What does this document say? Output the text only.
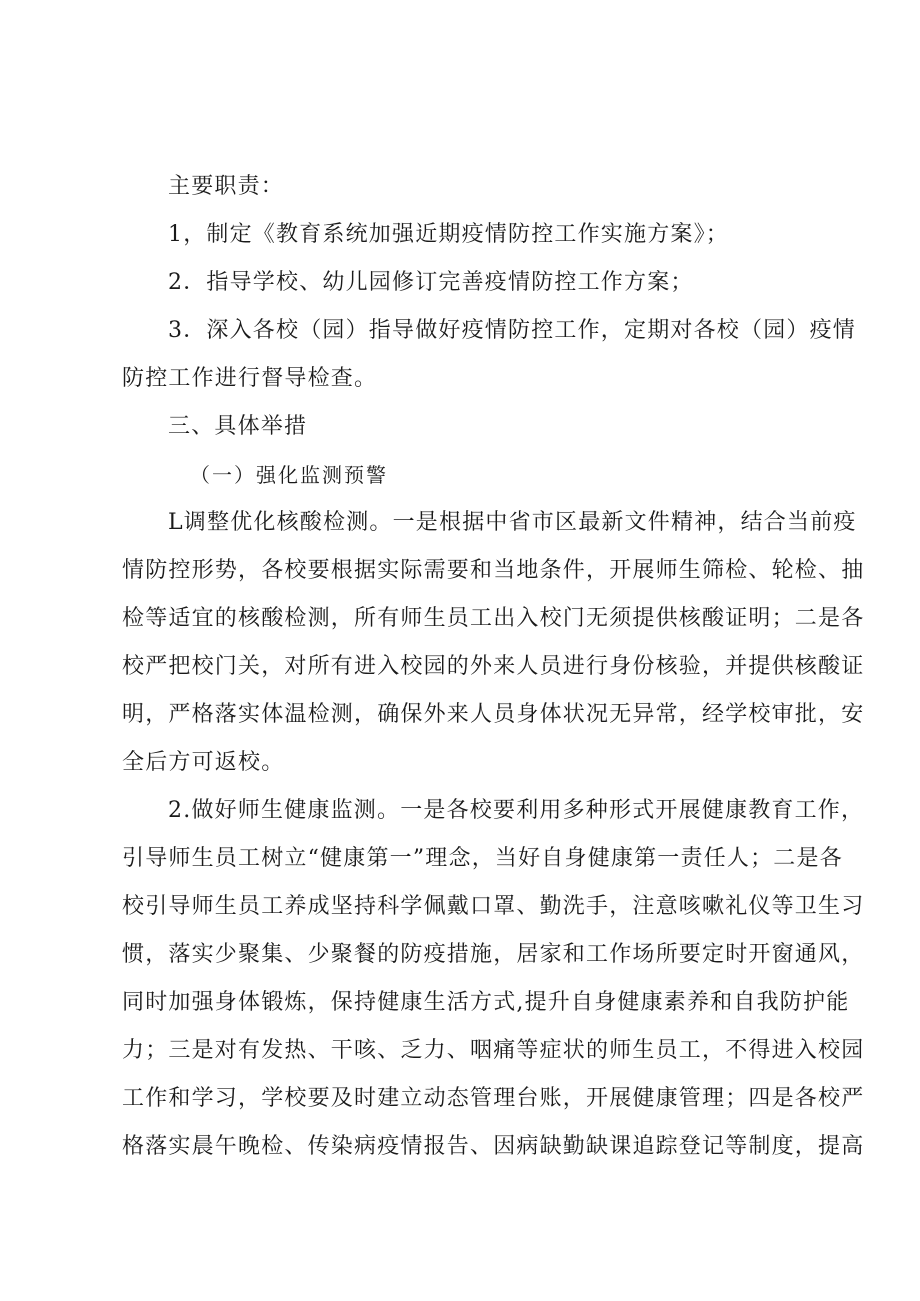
主要职责：
1，制定《教育系统加强近期疫情防控工作实施方案》；
2．指导学校、幼儿园修订完善疫情防控工作方案；
3．深入各校（园）指导做好疫情防控工作，定期对各校（园）疫情
防控工作进行督导检查。
三、具体举措
（一）强化监测预警
L调整优化核酸检测。一是根据中省市区最新文件精神，结合当前疫
情防控形势，各校要根据实际需要和当地条件，开展师生筛检、轮检、抽
检等适宜的核酸检测，所有师生员工出入校门无须提供核酸证明；二是各
校严把校门关，对所有进入校园的外来人员进行身份核验，并提供核酸证
明，严格落实体温检测，确保外来人员身体状况无异常，经学校审批，安
全后方可返校。
2.做好师生健康监测。一是各校要利用多种形式开展健康教育工作，
引导师生员工树立“健康第一”理念，当好自身健康第一责任人；二是各
校引导师生员工养成坚持科学佩戴口罩、勤洗手，注意咳嗽礼仪等卫生习
惯，落实少聚集、少聚餐的防疫措施，居家和工作场所要定时开窗通风，
同时加强身体锻炼，保持健康生活方式,提升自身健康素养和自我防护能
力；三是对有发热、干咳、乏力、咽痛等症状的师生员工，不得进入校园
工作和学习，学校要及时建立动态管理台账，开展健康管理；四是各校严
格落实晨午晚检、传染病疫情报告、因病缺勤缺课追踪登记等制度，提高
